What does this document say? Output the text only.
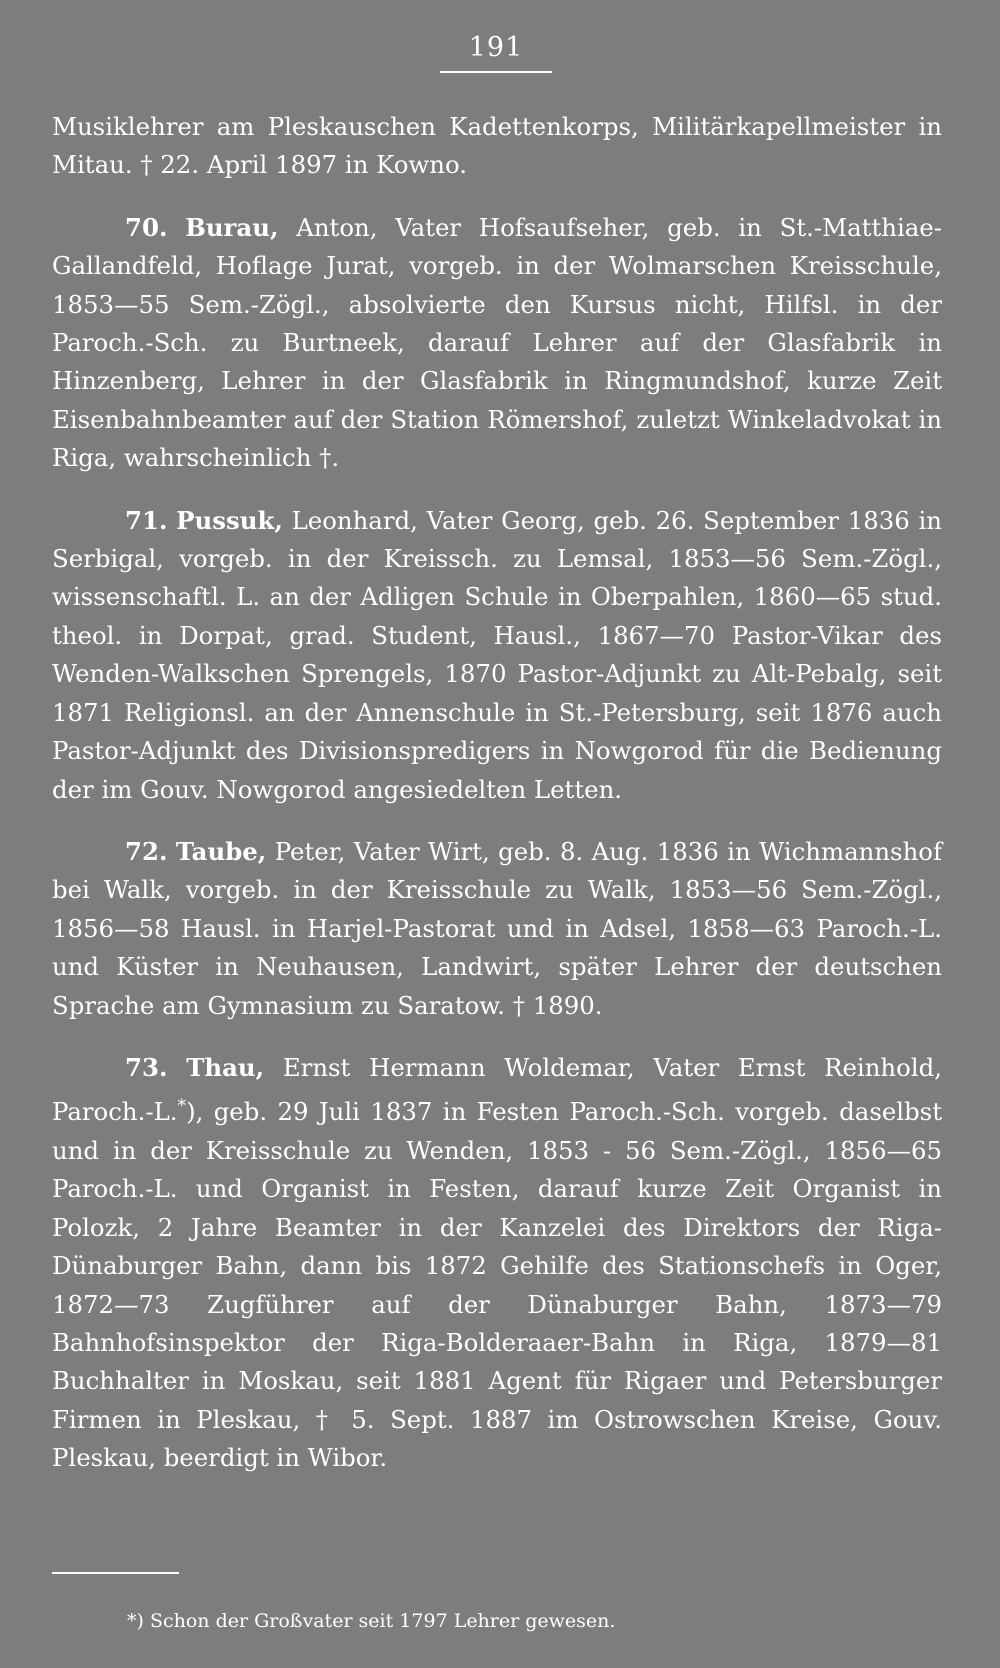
191

Musiklehrer am Pleskauschen Kadettenkorps, Militärkapellmeister in Mitau. † 22. April 1897 in Kowno.

70. Burau, Anton, Vater Hofsaufseher, geb. in St.-Matthiae-Gallandfeld, Hoflage Jurat, vorgeb. in der Wolmarschen Kreisschule, 1853—55 Sem.-Zögl., absolvierte den Kursus nicht, Hilfsl. in der Paroch.-Sch. zu Burtneek, darauf Lehrer auf der Glasfabrik in Hinzenberg, Lehrer in der Glasfabrik in Ringmundshof, kurze Zeit Eisenbahnbeamter auf der Station Römershof, zuletzt Winkeladvokat in Riga, wahrscheinlich †.

71. Pussuk, Leonhard, Vater Georg, geb. 26. September 1836 in Serbigal, vorgeb. in der Kreissch. zu Lemsal, 1853—56 Sem.-Zögl., wissenschaftl. L. an der Adligen Schule in Oberpahlen, 1860—65 stud. theol. in Dorpat, grad. Student, Hausl., 1867—70 Pastor-Vikar des Wenden-Walkschen Sprengels, 1870 Pastor-Adjunkt zu Alt-Pebalg, seit 1871 Religionsl. an der Annenschule in St.-Petersburg, seit 1876 auch Pastor-Adjunkt des Divisionspredigers in Nowgorod für die Bedienung der im Gouv. Nowgorod angesiedelten Letten.

72. Taube, Peter, Vater Wirt, geb. 8. Aug. 1836 in Wichmannshof bei Walk, vorgeb. in der Kreisschule zu Walk, 1853—56 Sem.-Zögl., 1856—58 Hausl. in Harjel-Pastorat und in Adsel, 1858—63 Paroch.-L. und Küster in Neuhausen, Landwirt, später Lehrer der deutschen Sprache am Gymnasium zu Saratow. † 1890.

73. Thau, Ernst Hermann Woldemar, Vater Ernst Reinhold, Paroch.-L.*), geb. 29 Juli 1837 in Festen Paroch.-Sch. vorgeb. daselbst und in der Kreisschule zu Wenden, 1853 - 56 Sem.-Zögl., 1856—65 Paroch.-L. und Organist in Festen, darauf kurze Zeit Organist in Polozk, 2 Jahre Beamter in der Kanzelei des Direktors der Riga-Dünaburger Bahn, dann bis 1872 Gehilfe des Stationschefs in Oger, 1872—73 Zugführer auf der Dünaburger Bahn, 1873—79 Bahnhofsinspektor der Riga-Bolderaaer-Bahn in Riga, 1879—81 Buchhalter in Moskau, seit 1881 Agent für Rigaer und Petersburger Firmen in Pleskau, † 5. Sept. 1887 im Ostrowschen Kreise, Gouv. Pleskau, beerdigt in Wibor.

*) Schon der Großvater seit 1797 Lehrer gewesen.
